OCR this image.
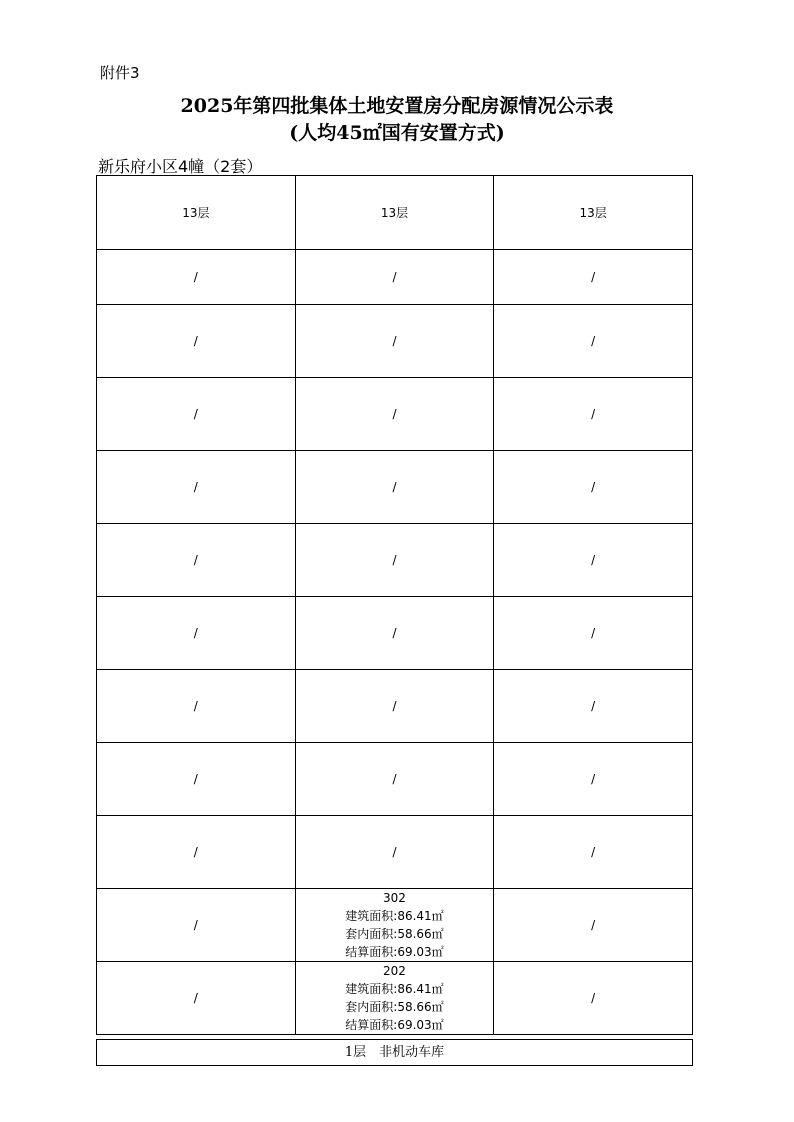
附件3
2025年第四批集体土地安置房分配房源情况公示表
(人均45㎡国有安置方式)
新乐府小区4幢（2套）
13层	13层	13层
/	/	/
/	/	/
/	/	/
/	/	/
/	/	/
/	/	/
/	/	/
/	/	/
/	/	/
/	302
建筑面积:86.41㎡
套内面积:58.66㎡
结算面积:69.03㎡	/
/	202
建筑面积:86.41㎡
套内面积:58.66㎡
结算面积:69.03㎡	/
1层　非机动车库
